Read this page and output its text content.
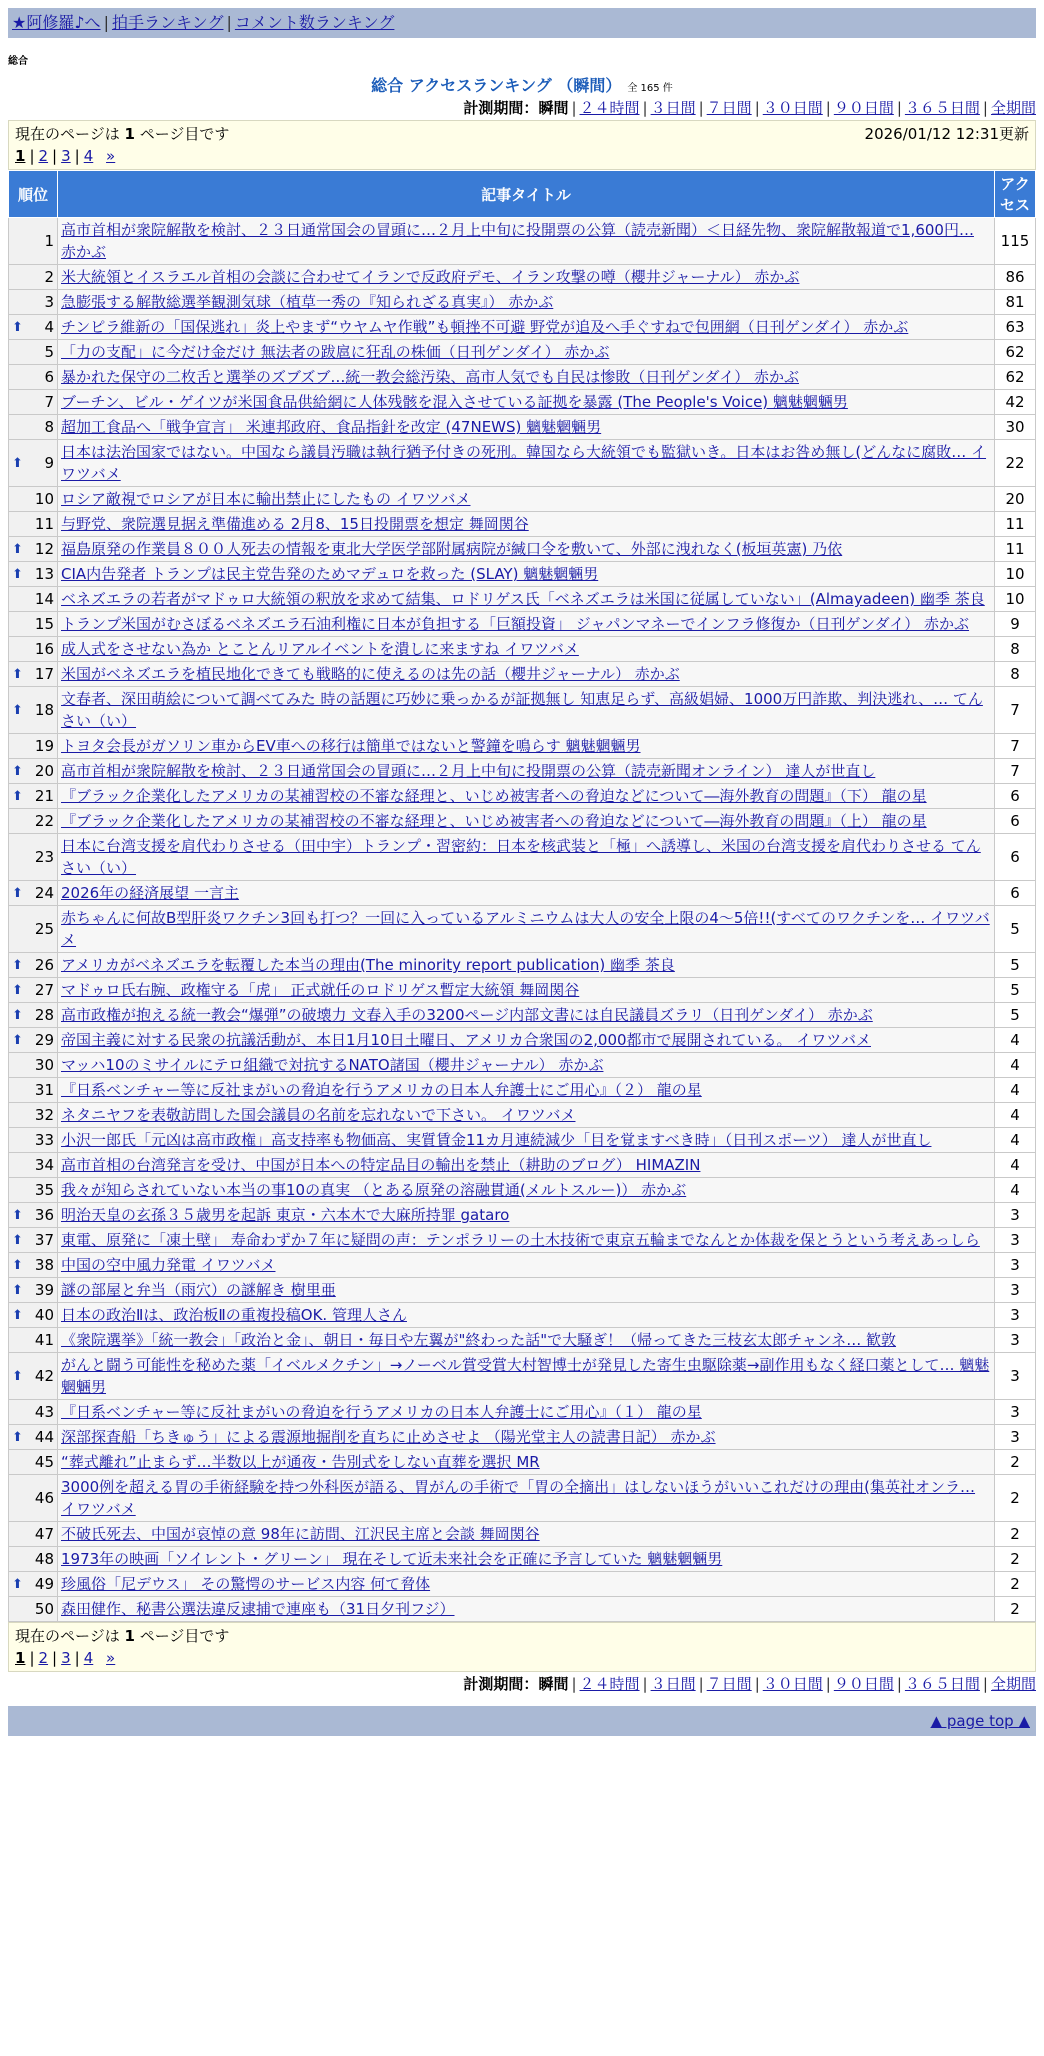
★阿修羅♪へ | 拍手ランキング | コメント数ランキング
総合
総合 アクセスランキング （瞬間） 全 165 件
計測期間：瞬間 | ２４時間 | ３日間 | ７日間 | ３０日間 | ９０日間 | ３６５日間 | 全期間
現在のページは 1 ページ目です	2026/01/12 12:31更新
1 | 2 | 3 | 4 »
順位	記事タイトル	アクセス
1	高市首相が衆院解散を検討、２３日通常国会の冒頭に…２月上中旬に投開票の公算（読売新聞）＜日経先物、衆院解散報道で1,600円… 赤かぶ	115
2	米大統領とイスラエル首相の会談に合わせてイランで反政府デモ、イラン攻撃の噂（櫻井ジャーナル） 赤かぶ	86
3	急膨張する解散総選挙観測気球（植草一秀の『知られざる真実』） 赤かぶ	81

⬆ 4	チンピラ維新の「国保逃れ」炎上やまず“ウヤムヤ作戦”も頓挫不可避 野党が追及へ手ぐすねで包囲網（日刊ゲンダイ） 赤かぶ	63
5	「力の支配」に今だけ金だけ 無法者の跋扈に狂乱の株価（日刊ゲンダイ） 赤かぶ	62
6	暴かれた保守の二枚舌と選挙のズブズブ…統一教会総汚染、高市人気でも自民は惨敗（日刊ゲンダイ） 赤かぶ	62
7	ブーチン、ビル・ゲイツが米国食品供給網に人体残骸を混入させている証拠を暴露 (The People's Voice) 魑魅魍魎男	42
8	超加工食品へ「戦争宣言」 米連邦政府、食品指針を改定 (47NEWS) 魑魅魍魎男	30

⬆ 9	日本は法治国家ではない。中国なら議員汚職は執行猶予付きの死刑。韓国なら大統領でも監獄いき。日本はお咎め無し(どんなに腐敗… イワツバメ	22
10	ロシア敵視でロシアが日本に輸出禁止にしたもの イワツバメ	20
11	与野党、衆院選見据え準備進める 2月8、15日投開票を想定 舞岡関谷	11

⬆ 12	福島原発の作業員８００人死去の情報を東北大学医学部附属病院が緘口令を敷いて、外部に洩れなく(板垣英憲) 乃依	11

⬆ 13	CIA内告発者 トランプは民主党告発のためマデュロを救った (SLAY) 魑魅魍魎男	10
14	ベネズエラの若者がマドゥロ大統領の釈放を求めて結集、ロドリゲス氏「ベネズエラは米国に従属していない」(Almayadeen) 幽季 茶良	10
15	トランプ米国がむさぼるベネズエラ石油利権に日本が負担する「巨額投資」 ジャパンマネーでインフラ修復か（日刊ゲンダイ） 赤かぶ	9
16	成人式をさせない為か とことんリアルイベントを潰しに来ますね イワツバメ	8

⬆ 17	米国がベネズエラを植民地化できても戦略的に使えるのは先の話（櫻井ジャーナル） 赤かぶ	8

⬆ 18	文春者、深田萌絵について調べてみた 時の話題に巧妙に乗っかるが証拠無し 知恵足らず、高級娼婦、1000万円詐欺、判決逃れ、… てんさい（い）	7
19	トヨタ会長がガソリン車からEV車への移行は簡単ではないと警鐘を鳴らす 魑魅魍魎男	7

⬆ 20	高市首相が衆院解散を検討、２３日通常国会の冒頭に…２月上中旬に投開票の公算（読売新聞オンライン） 達人が世直し	7

⬆ 21	『ブラック企業化したアメリカの某補習校の不審な経理と、いじめ被害者への脅迫などについて―海外教育の問題』（下） 龍の星	6
22	『ブラック企業化したアメリカの某補習校の不審な経理と、いじめ被害者への脅迫などについて―海外教育の問題』（上） 龍の星	6
23	日本に台湾支援を肩代わりさせる（田中宇）トランプ・習密約：日本を核武装と「極」へ誘導し、米国の台湾支援を肩代わりさせる てんさい（い）	6

⬆ 24	2026年の経済展望 一言主	6
25	赤ちゃんに何故B型肝炎ワクチン3回も打つ？一回に入っているアルミニウムは大人の安全上限の4～5倍!!(すべてのワクチンを… イワツバメ	5

⬆ 26	アメリカがベネズエラを転覆した本当の理由(The minority report publication) 幽季 茶良	5

⬆ 27	マドゥロ氏右腕、政権守る「虎」 正式就任のロドリゲス暫定大統領 舞岡関谷	5

⬆ 28	高市政権が抱える統一教会“爆弾”の破壊力 文春入手の3200ページ内部文書には自民議員ズラリ（日刊ゲンダイ） 赤かぶ	5

⬆ 29	帝国主義に対する民衆の抗議活動が、本日1月10日土曜日、アメリカ合衆国の2,000都市で展開されている。 イワツバメ	4
30	マッハ10のミサイルにテロ組織で対抗するNATO諸国（櫻井ジャーナル） 赤かぶ	4
31	『日系ベンチャー等に反社まがいの脅迫を行うアメリカの日本人弁護士にご用心』（２） 龍の星	4
32	ネタニヤフを表敬訪問した国会議員の名前を忘れないで下さい。 イワツバメ	4
33	小沢一郎氏「元凶は高市政権」高支持率も物価高、実質賃金11カ月連続減少「目を覚ますべき時」（日刊スポーツ） 達人が世直し	4
34	高市首相の台湾発言を受け、中国が日本への特定品目の輸出を禁止（耕助のブログ） HIMAZIN	4
35	我々が知らされていない本当の事10の真実 （とある原発の溶融貫通(メルトスルー)） 赤かぶ	4

⬆ 36	明治天皇の玄孫３５歳男を起訴 東京・六本木で大麻所持罪 gataro	3

⬆ 37	東電、原発に「凍土壁」 寿命わずか７年に疑問の声：テンポラリーの土木技術で東京五輪までなんとか体裁を保とうという考えあっしら	3

⬆ 38	中国の空中風力発電 イワツバメ	3

⬆ 39	謎の部屋と弁当（雨穴）の謎解き 樹里亜	3

⬆ 40	日本の政治Ⅱは、政治板Ⅱの重複投稿OK. 管理人さん	3
41	《衆院選挙》「統一教会」「政治と金」、朝日・毎日や左翼が"終わった話"で大騒ぎ！（帰ってきた三枝玄太郎チャンネ… 歓敦	3

⬆ 42	がんと闘う可能性を秘めた薬「イベルメクチン」→ノーベル賞受賞大村智博士が発見した寄生虫駆除薬→副作用もなく経口薬として… 魑魅魍魎男	3
43	『日系ベンチャー等に反社まがいの脅迫を行うアメリカの日本人弁護士にご用心』（１） 龍の星	3

⬆ 44	深部探査船「ちきゅう」による震源地掘削を直ちに止めさせよ （陽光堂主人の読書日記） 赤かぶ	3
45	“葬式離れ”止まらず…半数以上が通夜・告別式をしない直葬を選択 MR	2
46	3000例を超える胃の手術経験を持つ外科医が語る、胃がんの手術で「胃の全摘出」はしないほうがいいこれだけの理由(集英社オンラ… イワツバメ	2
47	不破氏死去、中国が哀悼の意 98年に訪問、江沢民主席と会談 舞岡関谷	2
48	1973年の映画「ソイレント・グリーン」 現在そして近未来社会を正確に予言していた 魑魅魍魎男	2

⬆ 49	珍風俗「尼デウス」 その驚愕のサービス内容 何て脅体	2
50	森田健作、秘書公選法違反逮捕で連座も（31日夕刊フジ）	2
現在のページは 1 ページ目です
1 | 2 | 3 | 4 »
計測期間：瞬間 | ２４時間 | ３日間 | ７日間 | ３０日間 | ９０日間 | ３６５日間 | 全期間
▲ page top ▲
